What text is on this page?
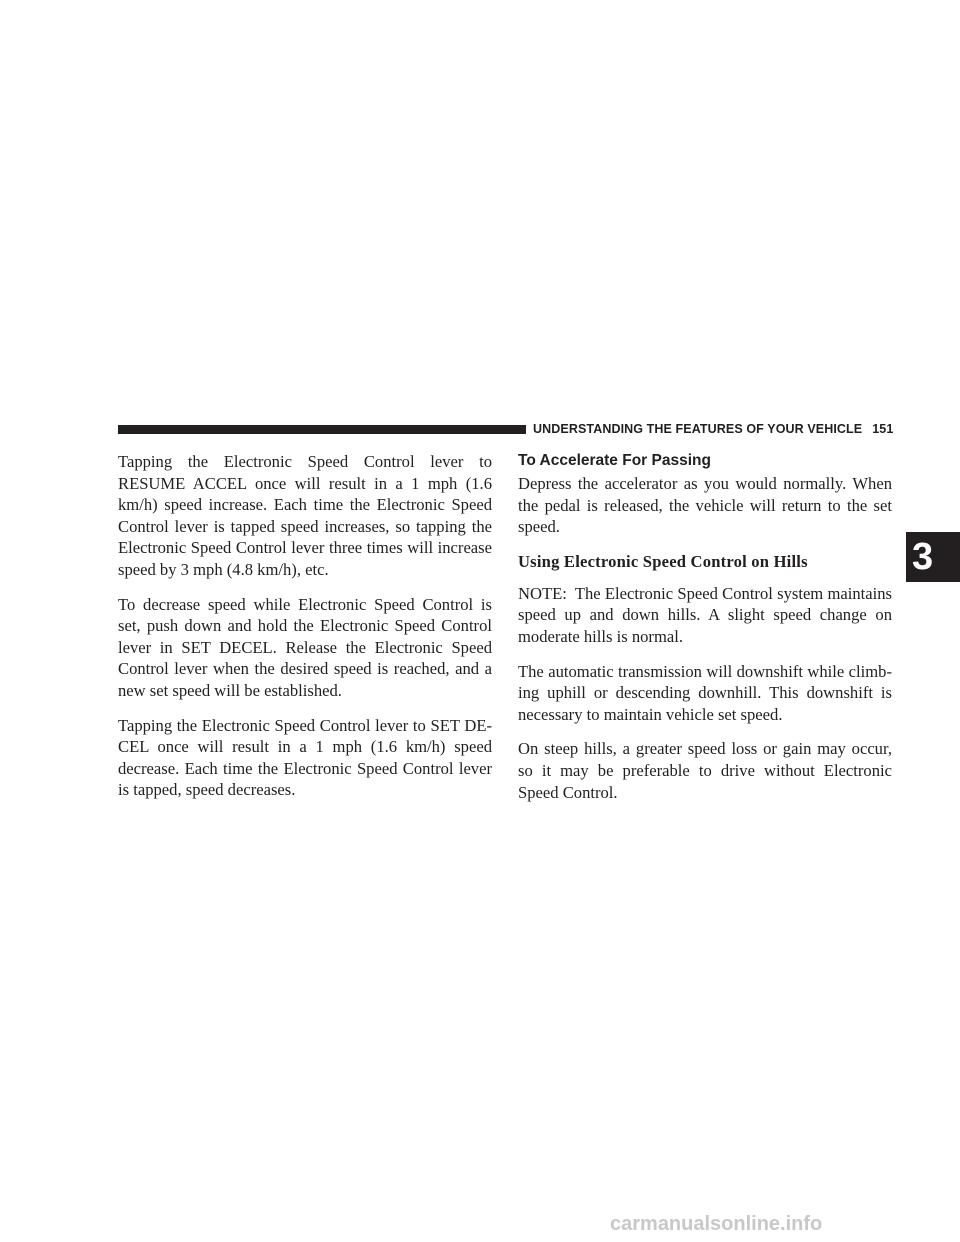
UNDERSTANDING THE FEATURES OF YOUR VEHICLE 151

Tapping the Electronic Speed Control lever to RESUME ACCEL once will result in a 1 mph (1.6 km/h) speed increase. Each time the Electronic Speed Control lever is tapped speed increases, so tapping the Electronic Speed Control lever three times will increase speed by 3 mph (4.8 km/h), etc.

To decrease speed while Electronic Speed Control is set, push down and hold the Electronic Speed Control lever in SET DECEL. Release the Electronic Speed Control lever when the desired speed is reached, and a new set speed will be established.

Tapping the Electronic Speed Control lever to SET DE-CEL once will result in a 1 mph (1.6 km/h) speed decrease. Each time the Electronic Speed Control lever is tapped, speed decreases.

To Accelerate For Passing

Depress the accelerator as you would normally. When the pedal is released, the vehicle will return to the set speed.

Using Electronic Speed Control on Hills

NOTE: The Electronic Speed Control system maintains speed up and down hills. A slight speed change on moderate hills is normal.

The automatic transmission will downshift while climb-ing uphill or descending downhill. This downshift is necessary to maintain vehicle set speed.

On steep hills, a greater speed loss or gain may occur, so it may be preferable to drive without Electronic Speed Control.

3
carmanualsonline.info
